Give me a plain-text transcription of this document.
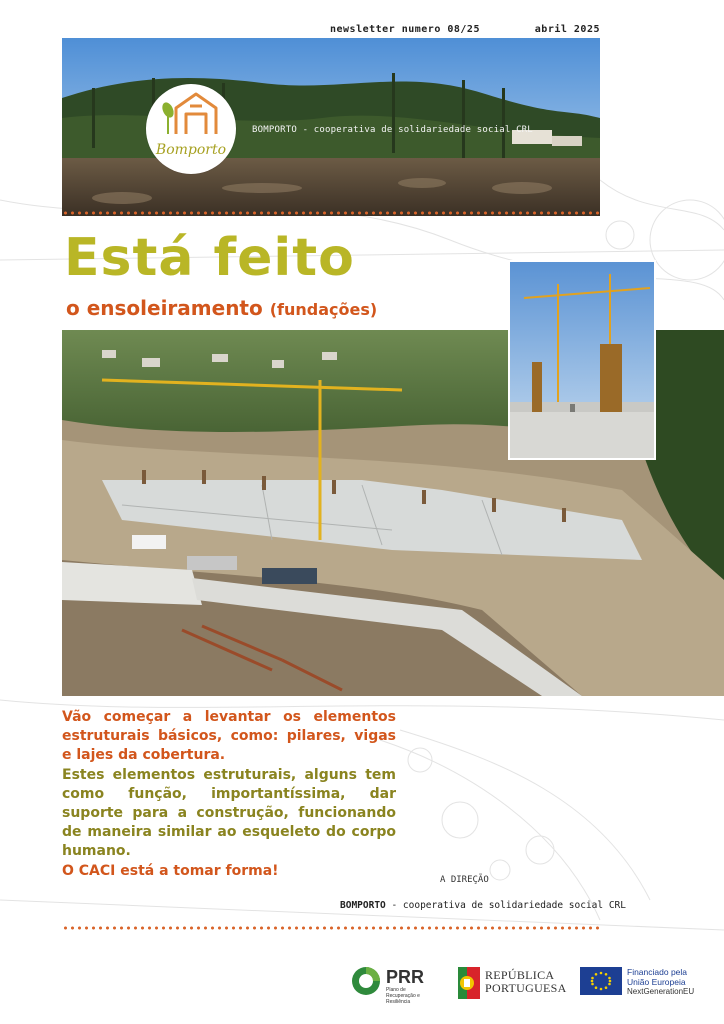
newsletter numero 08/25	abril 2025
Bomporto
BOMPORTO - cooperativa de solidariedade social CRL
Está feito
o ensoleiramento (fundações)

Vão começar a levantar os elementos estruturais básicos, como: pilares, vigas e lajes da cobertura.

Estes elementos estruturais, alguns tem como função, importantíssima, dar suporte para a construção, funcionando de maneira similar ao esqueleto do corpo humano.

O CACI está a tomar forma!

A DIREÇÃO
BOMPORTO - cooperativa de solidariedade social CRL
PRR
Plano de Recuperação e Resiliência
REPÚBLICA
PORTUGUESA
Financiado pela
União Europeia
NextGenerationEU
